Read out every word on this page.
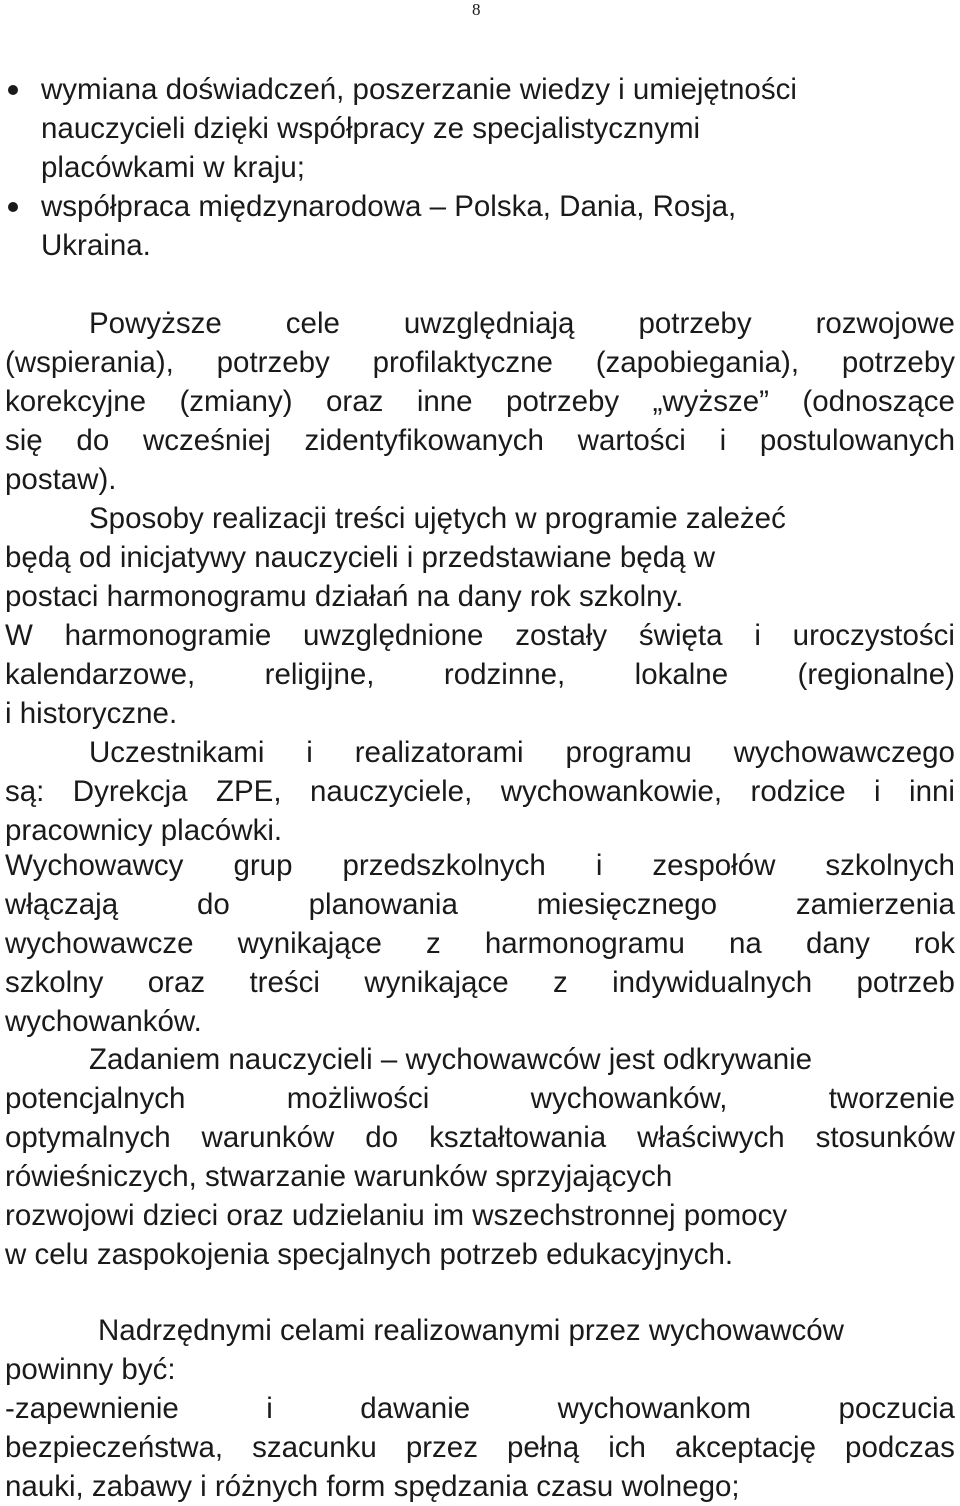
8
wymiana doświadczeń, poszerzanie wiedzy i umiejętności
nauczycieli dzięki współpracy ze specjalistycznymi
placówkami w kraju;
współpraca międzynarodowa – Polska, Dania, Rosja,
Ukraina.
Powyższe cele uwzględniają potrzeby rozwojowe
(wspierania), potrzeby profilaktyczne (zapobiegania), potrzeby
korekcyjne (zmiany) oraz inne potrzeby „wyższe” (odnoszące
się do wcześniej zidentyfikowanych wartości i postulowanych
postaw).
Sposoby realizacji treści ujętych w programie zależeć
będą od inicjatywy nauczycieli i przedstawiane będą w
postaci harmonogramu działań na dany rok szkolny.
W harmonogramie uwzględnione zostały święta i uroczystości
kalendarzowe, religijne, rodzinne, lokalne (regionalne)
i historyczne.
Uczestnikami i realizatorami programu wychowawczego
są: Dyrekcja ZPE, nauczyciele, wychowankowie, rodzice i inni
pracownicy placówki.
Wychowawcy grup przedszkolnych i zespołów szkolnych
włączają	do	planowania	miesięcznego	zamierzenia
wychowawcze wynikające z harmonogramu na dany rok
szkolny oraz treści wynikające z indywidualnych potrzeb
wychowanków.
Zadaniem nauczycieli – wychowawców jest odkrywanie
potencjalnych	możliwości	wychowanków,	tworzenie
optymalnych warunków do kształtowania właściwych stosunków
rówieśniczych, stwarzanie warunków sprzyjających
rozwojowi dzieci oraz udzielaniu im wszechstronnej pomocy
w celu zaspokojenia specjalnych potrzeb edukacyjnych.
Nadrzędnymi celami realizowanymi przez wychowawców
powinny być:
-zapewnienie	i	dawanie	wychowankom	poczucia
bezpieczeństwa, szacunku przez pełną ich akceptację podczas
nauki, zabawy i różnych form spędzania czasu wolnego;
